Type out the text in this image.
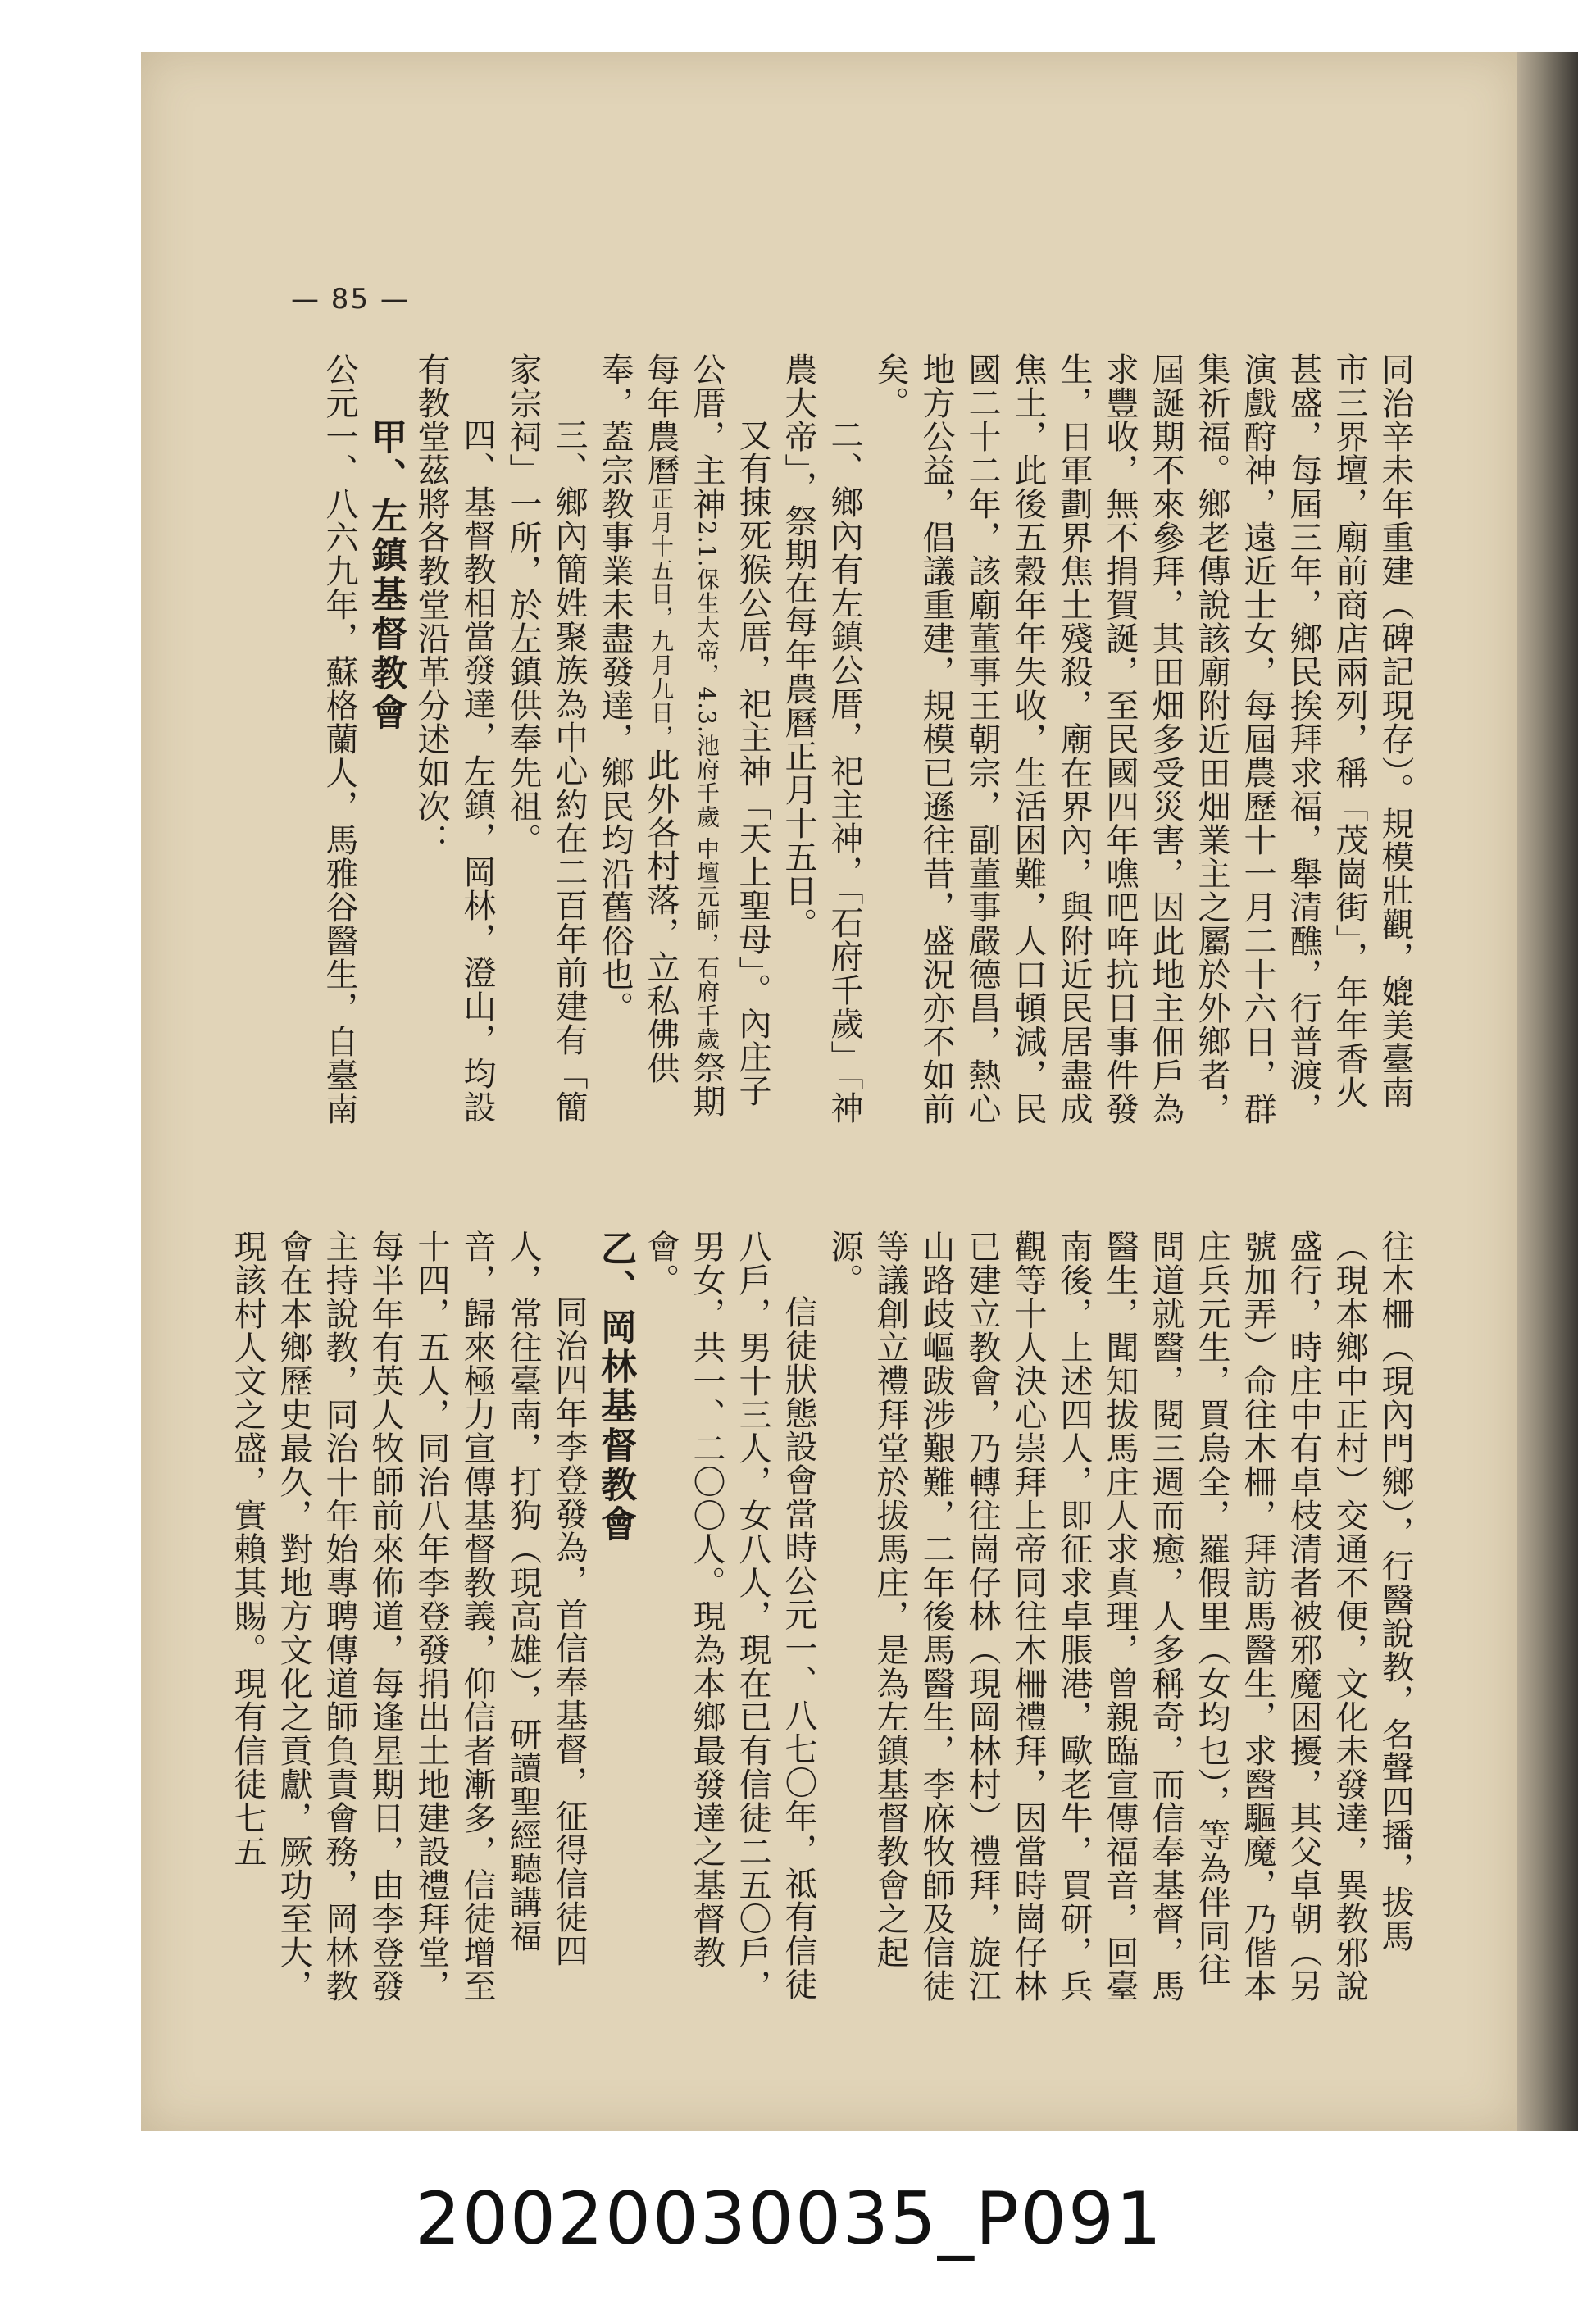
— 85 —

同治辛未年重建（碑記現存）。規模壯觀，媲美臺南市三界壇，廟前商店兩列，稱「茂崗街」，年年香火甚盛，每屆三年，鄉民挨拜求福，舉清醮，行普渡，演戲酧神，遠近士女，每屆農歷十一月二十六日，群集祈福。鄉老傳說該廟附近田畑業主之屬於外鄉者，屆誕期不來參拜，其田畑多受災害，因此地主佃戶為求豐收，無不捐賀誕，至民國四年噍吧哖抗日事件發生，日軍劃界焦土殘殺，廟在界內，與附近民居盡成焦土，此後五穀年年失收，生活困難，人口頓減，民國二十二年，該廟董事王朝宗，副董事嚴德昌，熱心地方公益，倡議重建，規模已遜往昔，盛況亦不如前矣。

二、鄉內有左鎮公厝，祀主神，「石府千歲」「神農大帝」，祭期在每年農曆正月十五日。

又有捒死猴公厝，祀主神「天上聖母」。內庄子公厝，主神2.1.保生大帝，4.3.池府千歲 中壇元師，石府千歲祭期每年農曆正月十五日，九月九日，此外各村落，立私佛供奉，蓋宗教事業未盡發達，鄉民均沿舊俗也。

三、鄉內簡姓聚族為中心約在二百年前建有「簡家宗祠」一所，於左鎮供奉先祖。

四、基督教相當發達，左鎮，岡林，澄山，均設有教堂茲將各教堂沿革分述如次：

甲、左鎮基督教會

公元一、八六九年，蘇格蘭人，馬雅谷醫生，自臺南

往木柵（現內門鄉），行醫說教，名聲四播，拔馬（現本鄉中正村）交通不便，文化未發達，異教邪說盛行，時庄中有卓枝清者被邪魔困擾，其父卓朝（另號加弄）命往木柵，拜訪馬醫生，求醫驅魔，乃偕本庄兵元生，買烏全，羅假里（女均乜），等為伴同往問道就醫，閱三週而癒，人多稱奇，而信奉基督，馬醫生，聞知拔馬庄人求真理，曾親臨宣傳福音，回臺南後，上述四人，即征求卓脹港，歐老牛，買研，兵觀等十人決心崇拜上帝同往木柵禮拜，因當時崗仔林已建立教會，乃轉往崗仔林（現岡林村）禮拜，旋江山路歧嶇跋涉艱難，二年後馬醫生，李庥牧師及信徒等議創立禮拜堂於拔馬庄，是為左鎮基督教會之起源。

信徒狀態設會當時公元一、八七〇年，祗有信徒八戶，男十三人，女八人，現在已有信徒二五〇戶，男女，共一、二〇〇人。現為本鄉最發達之基督教會。

乙、岡林基督教會

同治四年李登發為，首信奉基督，征得信徒四人，常往臺南，打狗（現高雄），研讀聖經聽講福音，歸來極力宣傳基督教義，仰信者漸多，信徒增至十四，五人，同治八年李登發捐出土地建設禮拜堂，每半年有英人牧師前來佈道，每逢星期日，由李登發主持說教，同治十年始專聘傳道師負責會務，岡林教會在本鄉歷史最久，對地方文化之貢獻，厥功至大，現該村人文之盛，實賴其賜。現有信徒七五

20020030035_P091
